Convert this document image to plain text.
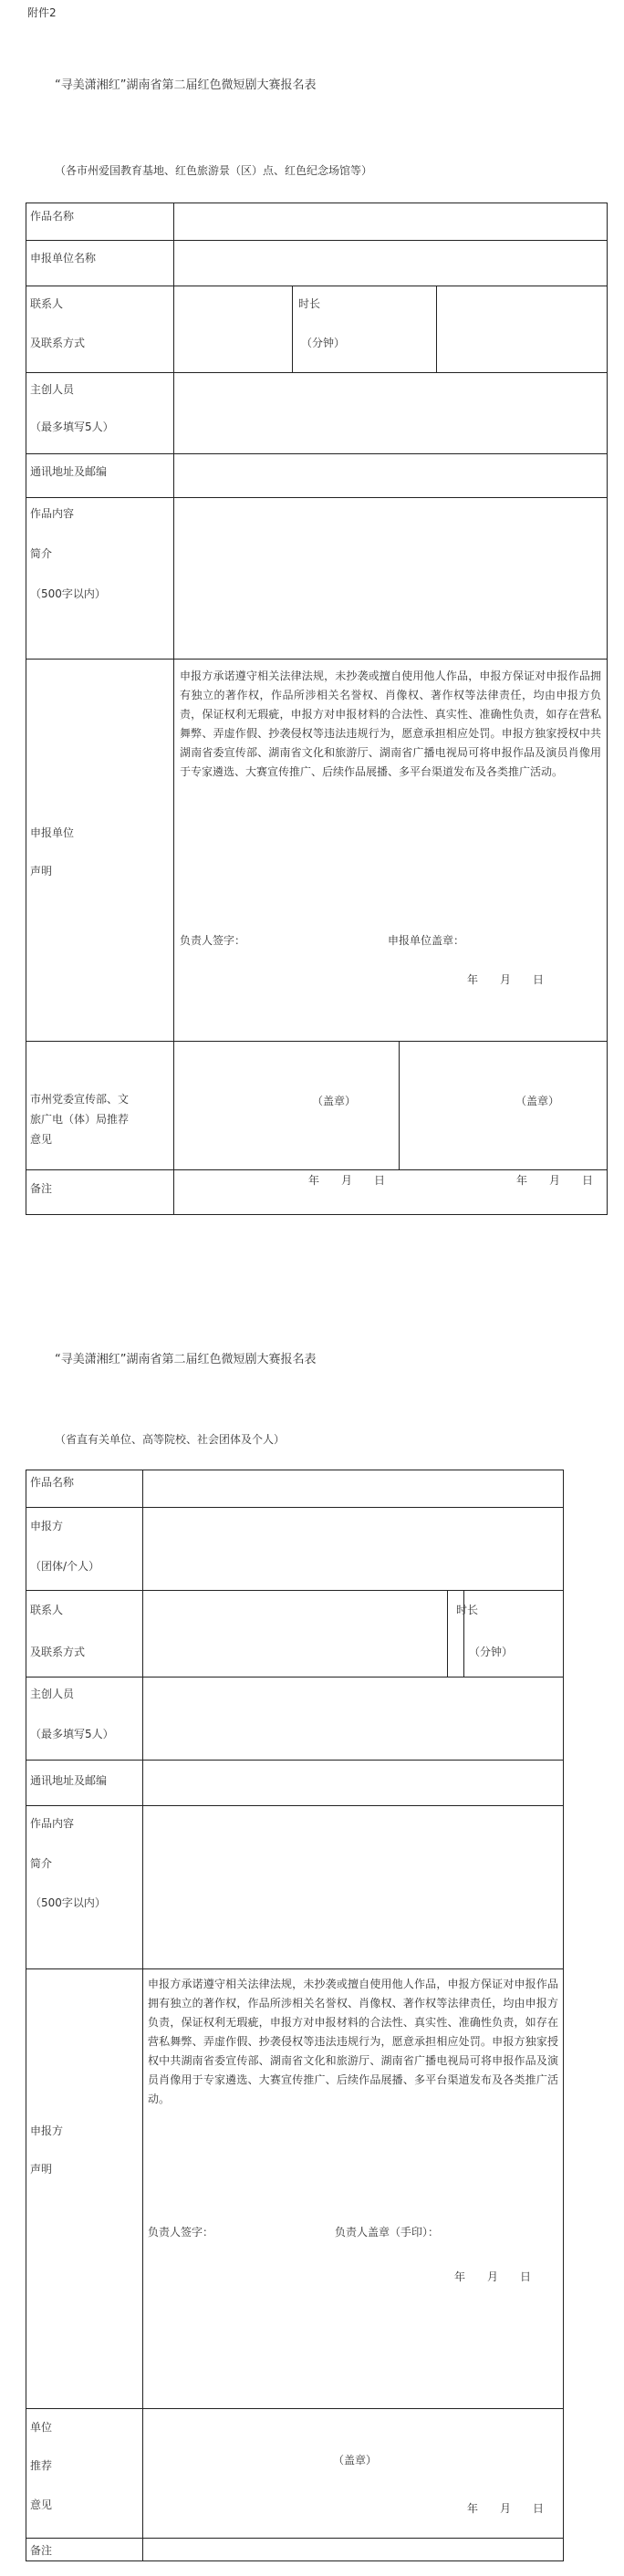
附件2
“寻美潇湘红”湖南省第二届红色微短剧大赛报名表
（各市州爱国教育基地、红色旅游景（区）点、红色纪念场馆等）
作品名称
申报单位名称
联系人
及联系方式
时长
（分钟）
主创人员
（最多填写5人）
通讯地址及邮编
作品内容
简介
（500字以内）
申报单位
声明
申报方承诺遵守相关法律法规，未抄袭或擅自使用他人作品，申报方保证对申报作品拥有独立的著作权，作品所涉相关名誉权、肖像权、著作权等法律责任，均由申报方负责，保证权利无瑕疵，申报方对申报材料的合法性、真实性、准确性负责，如存在营私舞弊、弄虚作假、抄袭侵权等违法违规行为，愿意承担相应处罚。申报方独家授权中共湖南省委宣传部、湖南省文化和旅游厅、湖南省广播电视局可将申报作品及演员肖像用于专家遴选、大赛宣传推广、后续作品展播、多平台渠道发布及各类推广活动。
负责人签字：	申报单位盖章：
年　　月　　日
市州党委宣传部、文
旅广电（体）局推荐
意见
（盖章）
年　　月　　日
（盖章）
年　　月　　日
备注
“寻美潇湘红”湖南省第二届红色微短剧大赛报名表
（省直有关单位、高等院校、社会团体及个人）
作品名称
申报方
（团体/个人）
联系人
及联系方式
时长
（分钟）
主创人员
（最多填写5人）
通讯地址及邮编
作品内容
简介
（500字以内）
申报方
声明
申报方承诺遵守相关法律法规，未抄袭或擅自使用他人作品，申报方保证对申报作品拥有独立的著作权，作品所涉相关名誉权、肖像权、著作权等法律责任，均由申报方负责，保证权利无瑕疵，申报方对申报材料的合法性、真实性、准确性负责，如存在营私舞弊、弄虚作假、抄袭侵权等违法违规行为，愿意承担相应处罚。申报方独家授权中共湖南省委宣传部、湖南省文化和旅游厅、湖南省广播电视局可将申报作品及演员肖像用于专家遴选、大赛宣传推广、后续作品展播、多平台渠道发布及各类推广活动。
负责人签字：	负责人盖章（手印）：
年　　月　　日
单位
推荐
意见
（盖章）
年　　月　　日
备注
